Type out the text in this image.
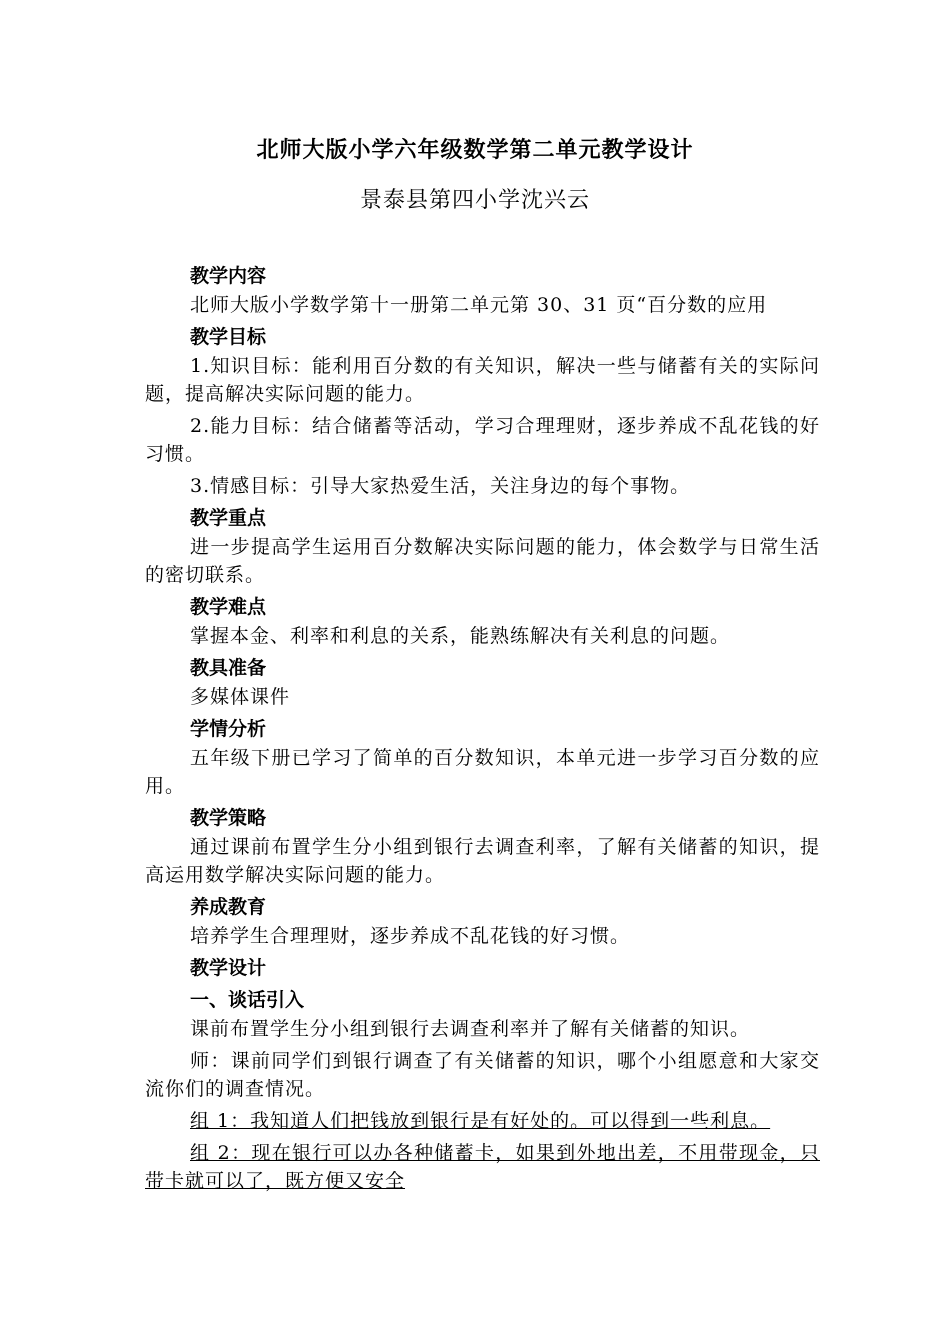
北师大版小学六年级数学第二单元教学设计
景泰县第四小学沈兴云
教学内容
北师大版小学数学第十一册第二单元第 30、31 页“百分数的应用
教学目标
1.知识目标：能利用百分数的有关知识，解决一些与储蓄有关的实际问题，提高解决实际问题的能力。
2.能力目标：结合储蓄等活动，学习合理理财，逐步养成不乱花钱的好习惯。
3.情感目标：引导大家热爱生活，关注身边的每个事物。
教学重点
进一步提高学生运用百分数解决实际问题的能力，体会数学与日常生活的密切联系。
教学难点
掌握本金、利率和利息的关系，能熟练解决有关利息的问题。
教具准备
多媒体课件
学情分析
五年级下册已学习了简单的百分数知识，本单元进一步学习百分数的应用。
教学策略
通过课前布置学生分小组到银行去调查利率，了解有关储蓄的知识，提高运用数学解决实际问题的能力。
养成教育
培养学生合理理财，逐步养成不乱花钱的好习惯。
教学设计
一、谈话引入
课前布置学生分小组到银行去调查利率并了解有关储蓄的知识。
师：课前同学们到银行调查了有关储蓄的知识，哪个小组愿意和大家交流你们的调查情况。
组 1：我知道人们把钱放到银行是有好处的。可以得到一些利息。
组 2：现在银行可以办各种储蓄卡，如果到外地出差，不用带现金，只带卡就可以了，既方便又安全
